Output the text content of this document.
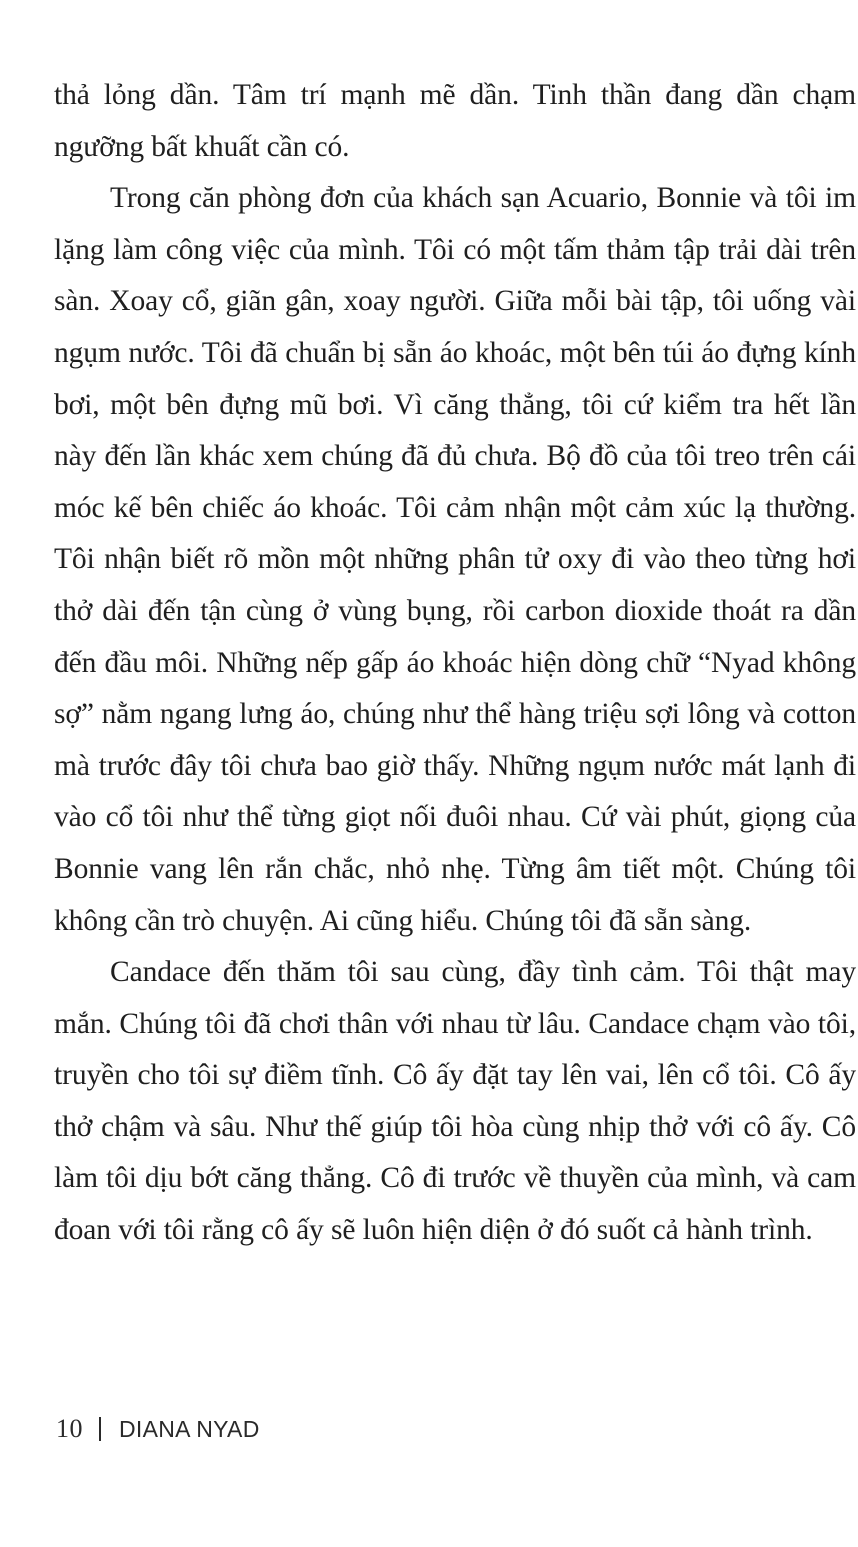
thả lỏng dần. Tâm trí mạnh mẽ dần. Tinh thần đang dần chạm ngưỡng bất khuất cần có.

Trong căn phòng đơn của khách sạn Acuario, Bonnie và tôi im lặng làm công việc của mình. Tôi có một tấm thảm tập trải dài trên sàn. Xoay cổ, giãn gân, xoay người. Giữa mỗi bài tập, tôi uống vài ngụm nước. Tôi đã chuẩn bị sẵn áo khoác, một bên túi áo đựng kính bơi, một bên đựng mũ bơi. Vì căng thẳng, tôi cứ kiểm tra hết lần này đến lần khác xem chúng đã đủ chưa. Bộ đồ của tôi treo trên cái móc kế bên chiếc áo khoác. Tôi cảm nhận một cảm xúc lạ thường. Tôi nhận biết rõ mồn một những phân tử oxy đi vào theo từng hơi thở dài đến tận cùng ở vùng bụng, rồi carbon dioxide thoát ra dần đến đầu môi. Những nếp gấp áo khoác hiện dòng chữ “Nyad không sợ” nằm ngang lưng áo, chúng như thể hàng triệu sợi lông và cotton mà trước đây tôi chưa bao giờ thấy. Những ngụm nước mát lạnh đi vào cổ tôi như thể từng giọt nối đuôi nhau. Cứ vài phút, giọng của Bonnie vang lên rắn chắc, nhỏ nhẹ. Từng âm tiết một. Chúng tôi không cần trò chuyện. Ai cũng hiểu. Chúng tôi đã sẵn sàng.

Candace đến thăm tôi sau cùng, đầy tình cảm. Tôi thật may mắn. Chúng tôi đã chơi thân với nhau từ lâu. Candace chạm vào tôi, truyền cho tôi sự điềm tĩnh. Cô ấy đặt tay lên vai, lên cổ tôi. Cô ấy thở chậm và sâu. Như thế giúp tôi hòa cùng nhịp thở với cô ấy. Cô làm tôi dịu bớt căng thẳng. Cô đi trước về thuyền của mình, và cam đoan với tôi rằng cô ấy sẽ luôn hiện diện ở đó suốt cả hành trình.

10 DIANA NYAD
